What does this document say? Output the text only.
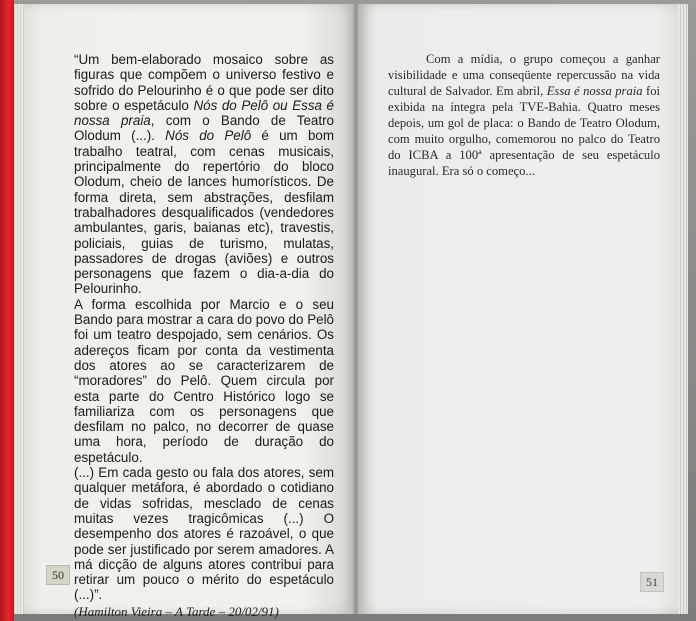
“Um bem-elaborado mosaico sobre as figuras que compõem o universo festivo e sofrido do Pelourinho é o que pode ser dito sobre o espetáculo Nós do Pelô ou Essa é nossa praia, com o Bando de Teatro Olodum (...). Nós do Pelô é um bom trabalho teatral, com cenas musicais, principalmente do repertório do bloco Olodum, cheio de lances humorísticos. De forma direta, sem abstrações, desfilam trabalhadores desqualificados (vendedores ambulantes, garis, baianas etc), travestis, policiais, guias de turismo, mulatas, passadores de drogas (aviões) e outros personagens que fazem o dia-a-dia do Pelourinho.

A forma escolhida por Marcio e o seu Bando para mostrar a cara do povo do Pelô foi um teatro despojado, sem cenários. Os adereços ficam por conta da vestimenta dos atores ao se caracterizarem de “moradores” do Pelô. Quem circula por esta parte do Centro Histórico logo se familiariza com os personagens que desfilam no palco, no decorrer de quase uma hora, período de duração do espetáculo.

(...) Em cada gesto ou fala dos atores, sem qualquer metáfora, é abordado o cotidiano de vidas sofridas, mesclado de cenas muitas vezes tragicômicas (...) O desempenho dos atores é razoável, o que pode ser justificado por serem amadores. A má dicção de alguns atores contribui para retirar um pouco o mérito do espetáculo (...)”.

(Hamilton Vieira – A Tarde – 20/02/91)
50

Com a mídia, o grupo começou a ganhar visibilidade e uma conseqüente repercussão na vida cultural de Salvador. Em abril, Essa é nossa praia foi exibida na íntegra pela TVE-Bahia. Quatro meses depois, um gol de placa: o Bando de Teatro Olodum, com muito orgulho, comemorou no palco do Teatro do ICBA a 100ª apresentação de seu espetáculo inaugural. Era só o começo...

51
